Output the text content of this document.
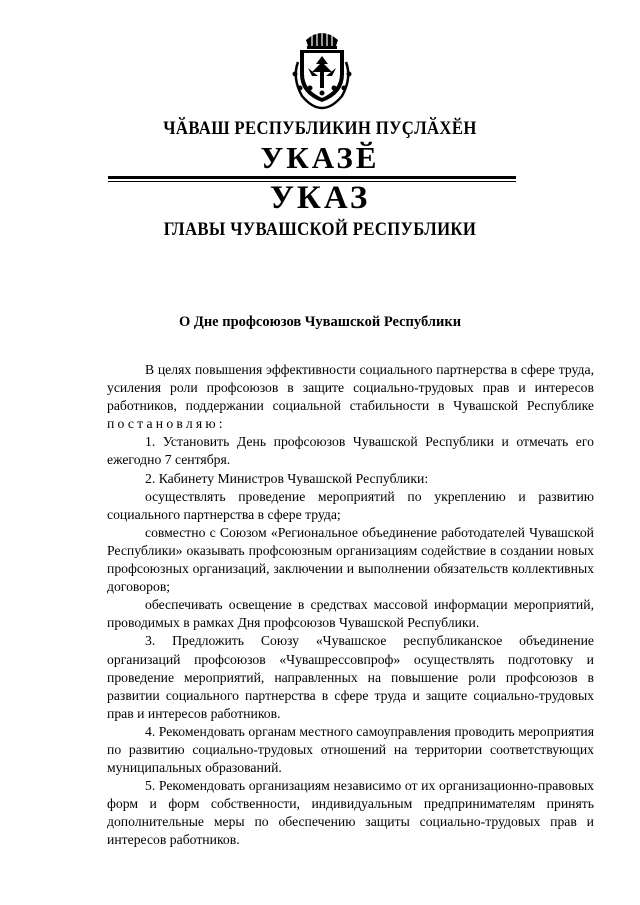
ЧӐВАШ РЕСПУБЛИКИН ПУҪЛӐХӖН
УКАЗӖ
УКАЗ
ГЛАВЫ ЧУВАШСКОЙ РЕСПУБЛИКИ
О Дне профсоюзов Чувашской Республики

В целях повышения эффективности социального партнерства в сфере труда, усиления роли профсоюзов в защите социально-трудовых прав и интересов работников, поддержании социальной стабильности в Чувашской Республике постановляю:

1. Установить День профсоюзов Чувашской Республики и отмечать его ежегодно 7 сентября.

2. Кабинету Министров Чувашской Республики:

осуществлять проведение мероприятий по укреплению и развитию социального партнерства в сфере труда;

совместно с Союзом «Региональное объединение работодателей Чувашской Республики» оказывать профсоюзным организациям содействие в создании новых профсоюзных организаций, заключении и выполнении обязательств коллективных договоров;

обеспечивать освещение в средствах массовой информации мероприятий, проводимых в рамках Дня профсоюзов Чувашской Республики.

3. Предложить Союзу «Чувашское республиканское объединение организаций профсоюзов «Чувашрессовпроф» осуществлять подготовку и проведение мероприятий, направленных на повышение роли профсоюзов в развитии социального партнерства в сфере труда и защите социально-трудовых прав и интересов работников.

4. Рекомендовать органам местного самоуправления проводить мероприятия по развитию социально-трудовых отношений на территории соответствующих муниципальных образований.

5. Рекомендовать организациям независимо от их организационно-правовых форм и форм собственности, индивидуальным предпринимателям принять дополнительные меры по обеспечению защиты социально-трудовых прав и интересов работников.
